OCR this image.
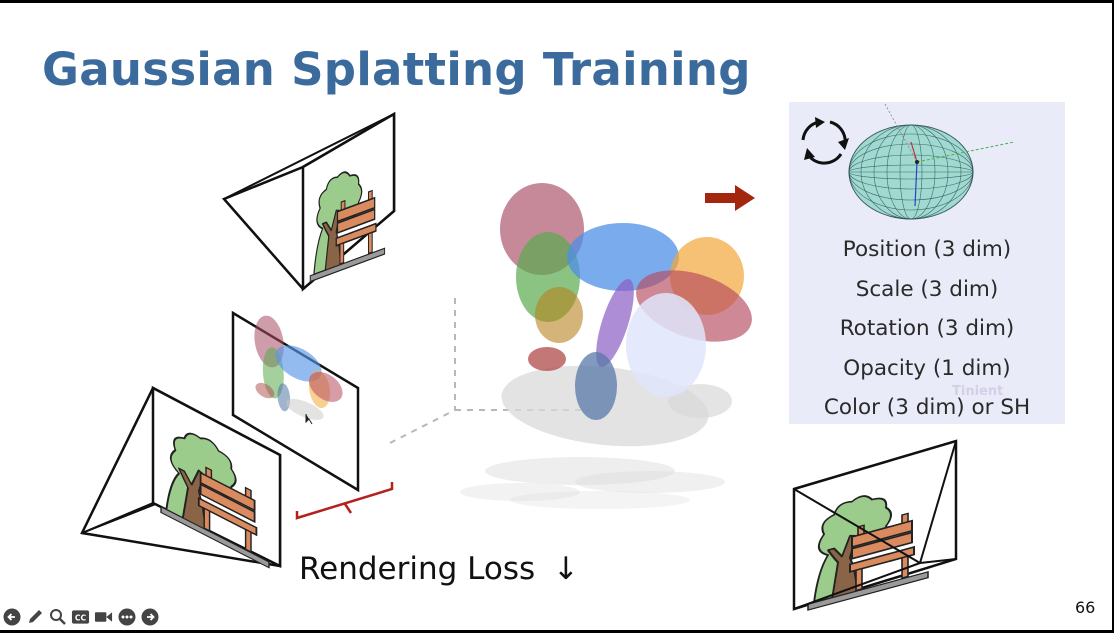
Gaussian Splatting Training
Position (3 dim)
Scale (3 dim)
Rotation (3 dim)
Opacity (1 dim)
Color (3 dim) or SH
Tinient
Rendering Loss ↓
66
CC
